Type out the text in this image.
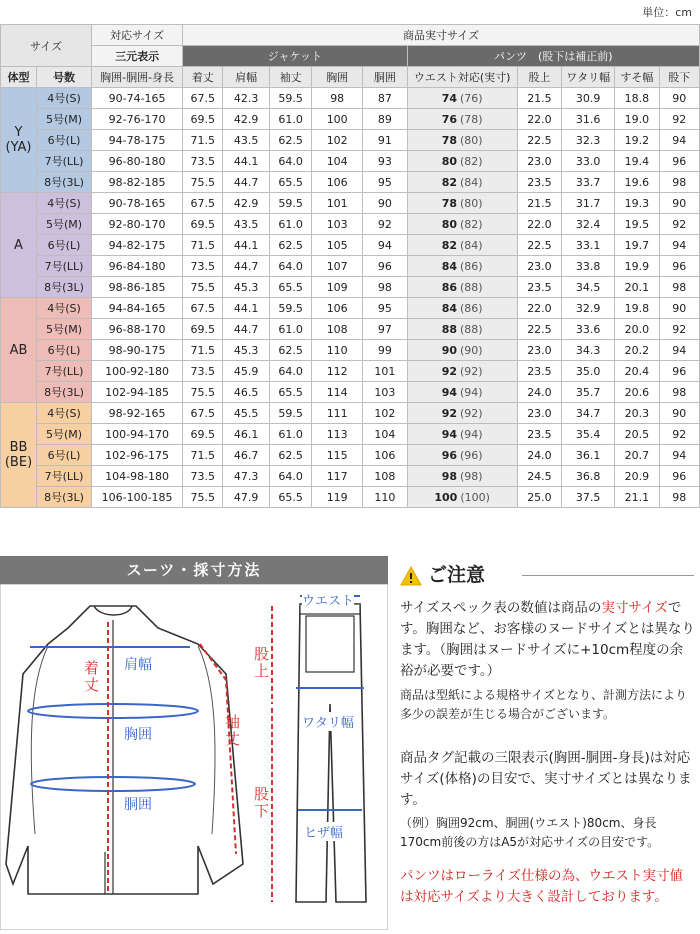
単位：cm
サイズ		対応サイズ	商品実寸サイズ									
		三元表示	ジャケット					パンツ　(股下は補正前)				
体型	号数	胸囲-胴囲-身長	着丈	肩幅	袖丈	胸囲	胴囲	ウエスト対応(実寸)	股上	ワタリ幅	すそ幅	股下
Y
(YA)	4号(S)	90-74-165	67.5	42.3	59.5	98	87	74 (76)	21.5	30.9	18.8	90
	5号(M)	92-76-170	69.5	42.9	61.0	100	89	76 (78)	22.0	31.6	19.0	92
	6号(L)	94-78-175	71.5	43.5	62.5	102	91	78 (80)	22.5	32.3	19.2	94
	7号(LL)	96-80-180	73.5	44.1	64.0	104	93	80 (82)	23.0	33.0	19.4	96
	8号(3L)	98-82-185	75.5	44.7	65.5	106	95	82 (84)	23.5	33.7	19.6	98
A	4号(S)	90-78-165	67.5	42.9	59.5	101	90	78 (80)	21.5	31.7	19.3	90
	5号(M)	92-80-170	69.5	43.5	61.0	103	92	80 (82)	22.0	32.4	19.5	92
	6号(L)	94-82-175	71.5	44.1	62.5	105	94	82 (84)	22.5	33.1	19.7	94
	7号(LL)	96-84-180	73.5	44.7	64.0	107	96	84 (86)	23.0	33.8	19.9	96
	8号(3L)	98-86-185	75.5	45.3	65.5	109	98	86 (88)	23.5	34.5	20.1	98
AB	4号(S)	94-84-165	67.5	44.1	59.5	106	95	84 (86)	22.0	32.9	19.8	90
	5号(M)	96-88-170	69.5	44.7	61.0	108	97	88 (88)	22.5	33.6	20.0	92
	6号(L)	98-90-175	71.5	45.3	62.5	110	99	90 (90)	23.0	34.3	20.2	94
	7号(LL)	100-92-180	73.5	45.9	64.0	112	101	92 (92)	23.5	35.0	20.4	96
	8号(3L)	102-94-185	75.5	46.5	65.5	114	103	94 (94)	24.0	35.7	20.6	98
BB
(BE)	4号(S)	98-92-165	67.5	45.5	59.5	111	102	92 (92)	23.0	34.7	20.3	90
	5号(M)	100-94-170	69.5	46.1	61.0	113	104	94 (94)	23.5	35.4	20.5	92
	6号(L)	102-96-175	71.5	46.7	62.5	115	106	96 (96)	24.0	36.1	20.7	94
	7号(LL)	104-98-180	73.5	47.3	64.0	117	108	98 (98)	24.5	36.8	20.9	96
	8号(3L)	106-100-185	75.5	47.9	65.5	119	110	100 (100)	25.0	37.5	21.1	98
スーツ・採寸方法
着
丈
肩幅
胸囲
胴囲
袖
丈
股
上
股
下
ウエスト
ワタリ幅
ヒザ幅
ご注意
サイズスペック表の数値は商品の実寸サイズです。胸囲など、お客様のヌードサイズとは異なります。（胸囲はヌードサイズに+10cm程度の余裕が必要です。）
商品は型紙による規格サイズとなり、計測方法により多少の誤差が生じる場合がございます。
商品タグ記載の三限表示(胸囲-胴囲-身長)は対応サイズ(体格)の目安で、実寸サイズとは異なります。
（例）胸囲92cm、胴囲(ウエスト)80cm、身長170cm前後の方はA5が対応サイズの目安です。
パンツはローライズ仕様の為、ウエスト実寸値は対応サイズより大きく設計しております。
